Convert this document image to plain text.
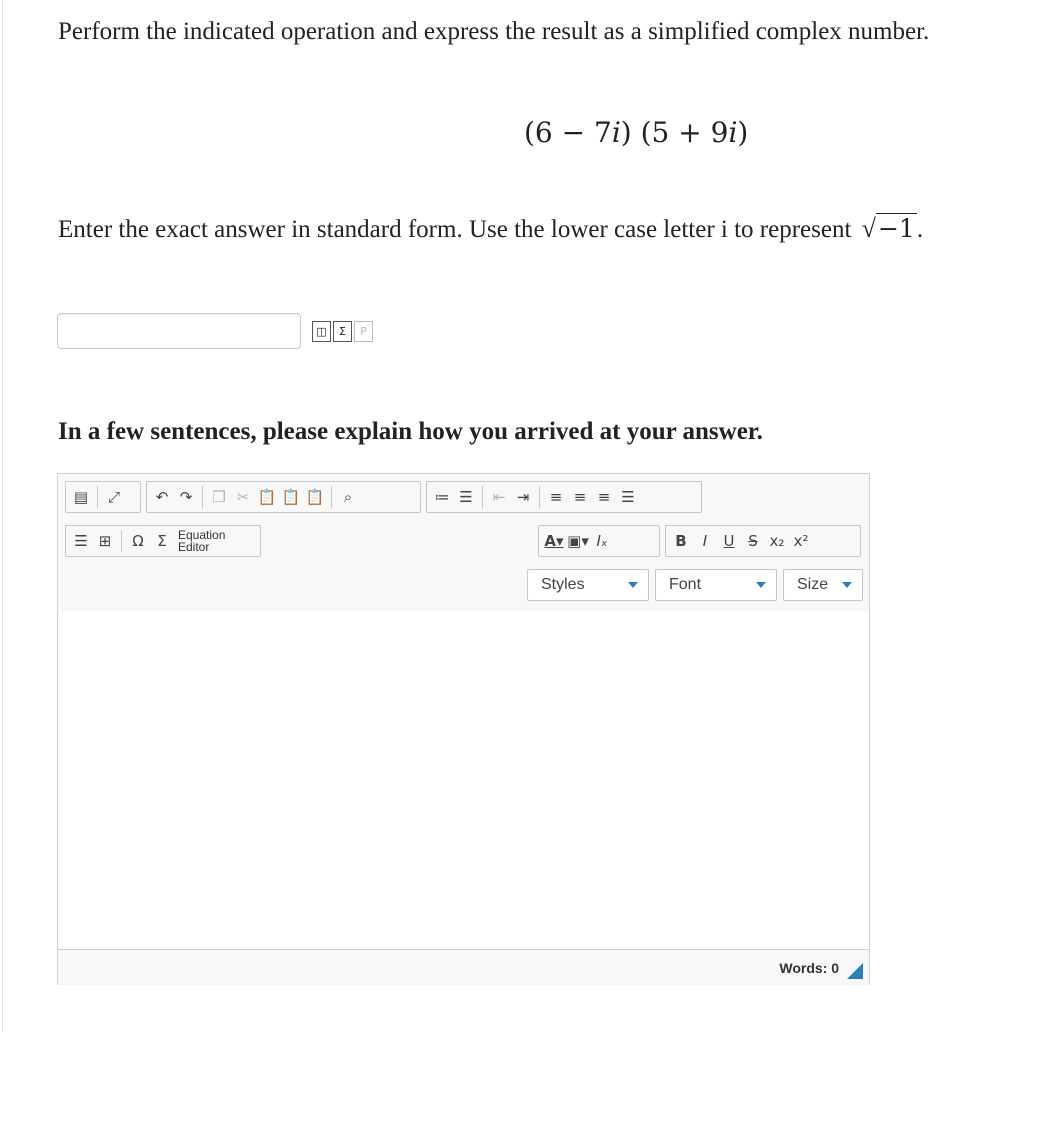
Perform the indicated operation and express the result as a simplified complex number.
(6 − 7i) (5 + 9i)
Enter the exact answer in standard form. Use the lower case letter i to represent √−1.
◫	Σ	P
In a few sentences, please explain how you arrived at your answer.
▤	⤢	↶ ↷	❐ ✂ 📋 📋 📋	⌕	≔ ☰	⇤ ⇥	≡ ≡ ≡ ☰
☰ ⊞	Ω Σ Equation
Editor	A▾ ▣▾ Iₓ	B	I	U S x₂ x²
Styles	Font	Size
Words: 0
